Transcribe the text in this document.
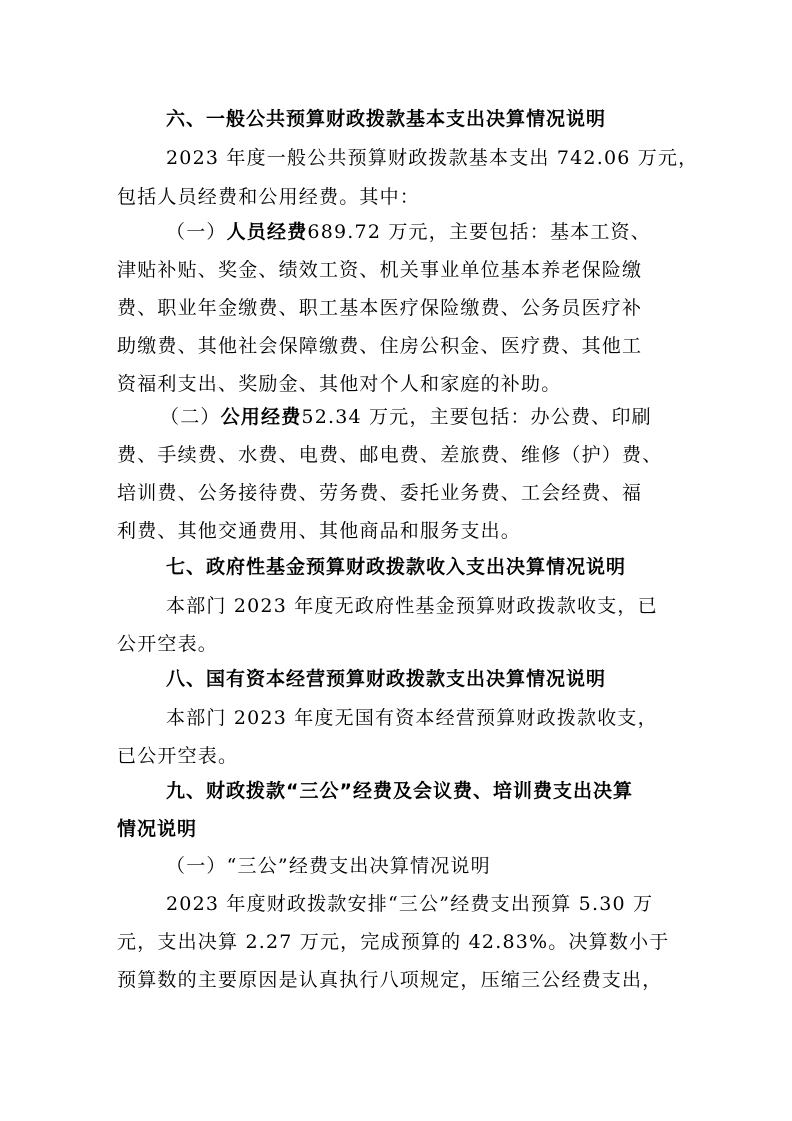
六、一般公共预算财政拨款基本支出决算情况说明
2023 年度一般公共预算财政拨款基本支出 742.06 万元，
包括人员经费和公用经费。其中：
（一）人员经费689.72 万元，主要包括：基本工资、
津贴补贴、奖金、绩效工资、机关事业单位基本养老保险缴
费、职业年金缴费、职工基本医疗保险缴费、公务员医疗补
助缴费、其他社会保障缴费、住房公积金、医疗费、其他工
资福利支出、奖励金、其他对个人和家庭的补助。
（二）公用经费52.34 万元，主要包括：办公费、印刷
费、手续费、水费、电费、邮电费、差旅费、维修（护）费、
培训费、公务接待费、劳务费、委托业务费、工会经费、福
利费、其他交通费用、其他商品和服务支出。
七、政府性基金预算财政拨款收入支出决算情况说明
本部门 2023 年度无政府性基金预算财政拨款收支，已
公开空表。
八、国有资本经营预算财政拨款支出决算情况说明
本部门 2023 年度无国有资本经营预算财政拨款收支，
已公开空表。
九、财政拨款“三公”经费及会议费、培训费支出决算
情况说明
（一）“三公”经费支出决算情况说明
2023 年度财政拨款安排“三公”经费支出预算 5.30 万
元，支出决算 2.27 万元，完成预算的 42.83%。决算数小于
预算数的主要原因是认真执行八项规定，压缩三公经费支出，
